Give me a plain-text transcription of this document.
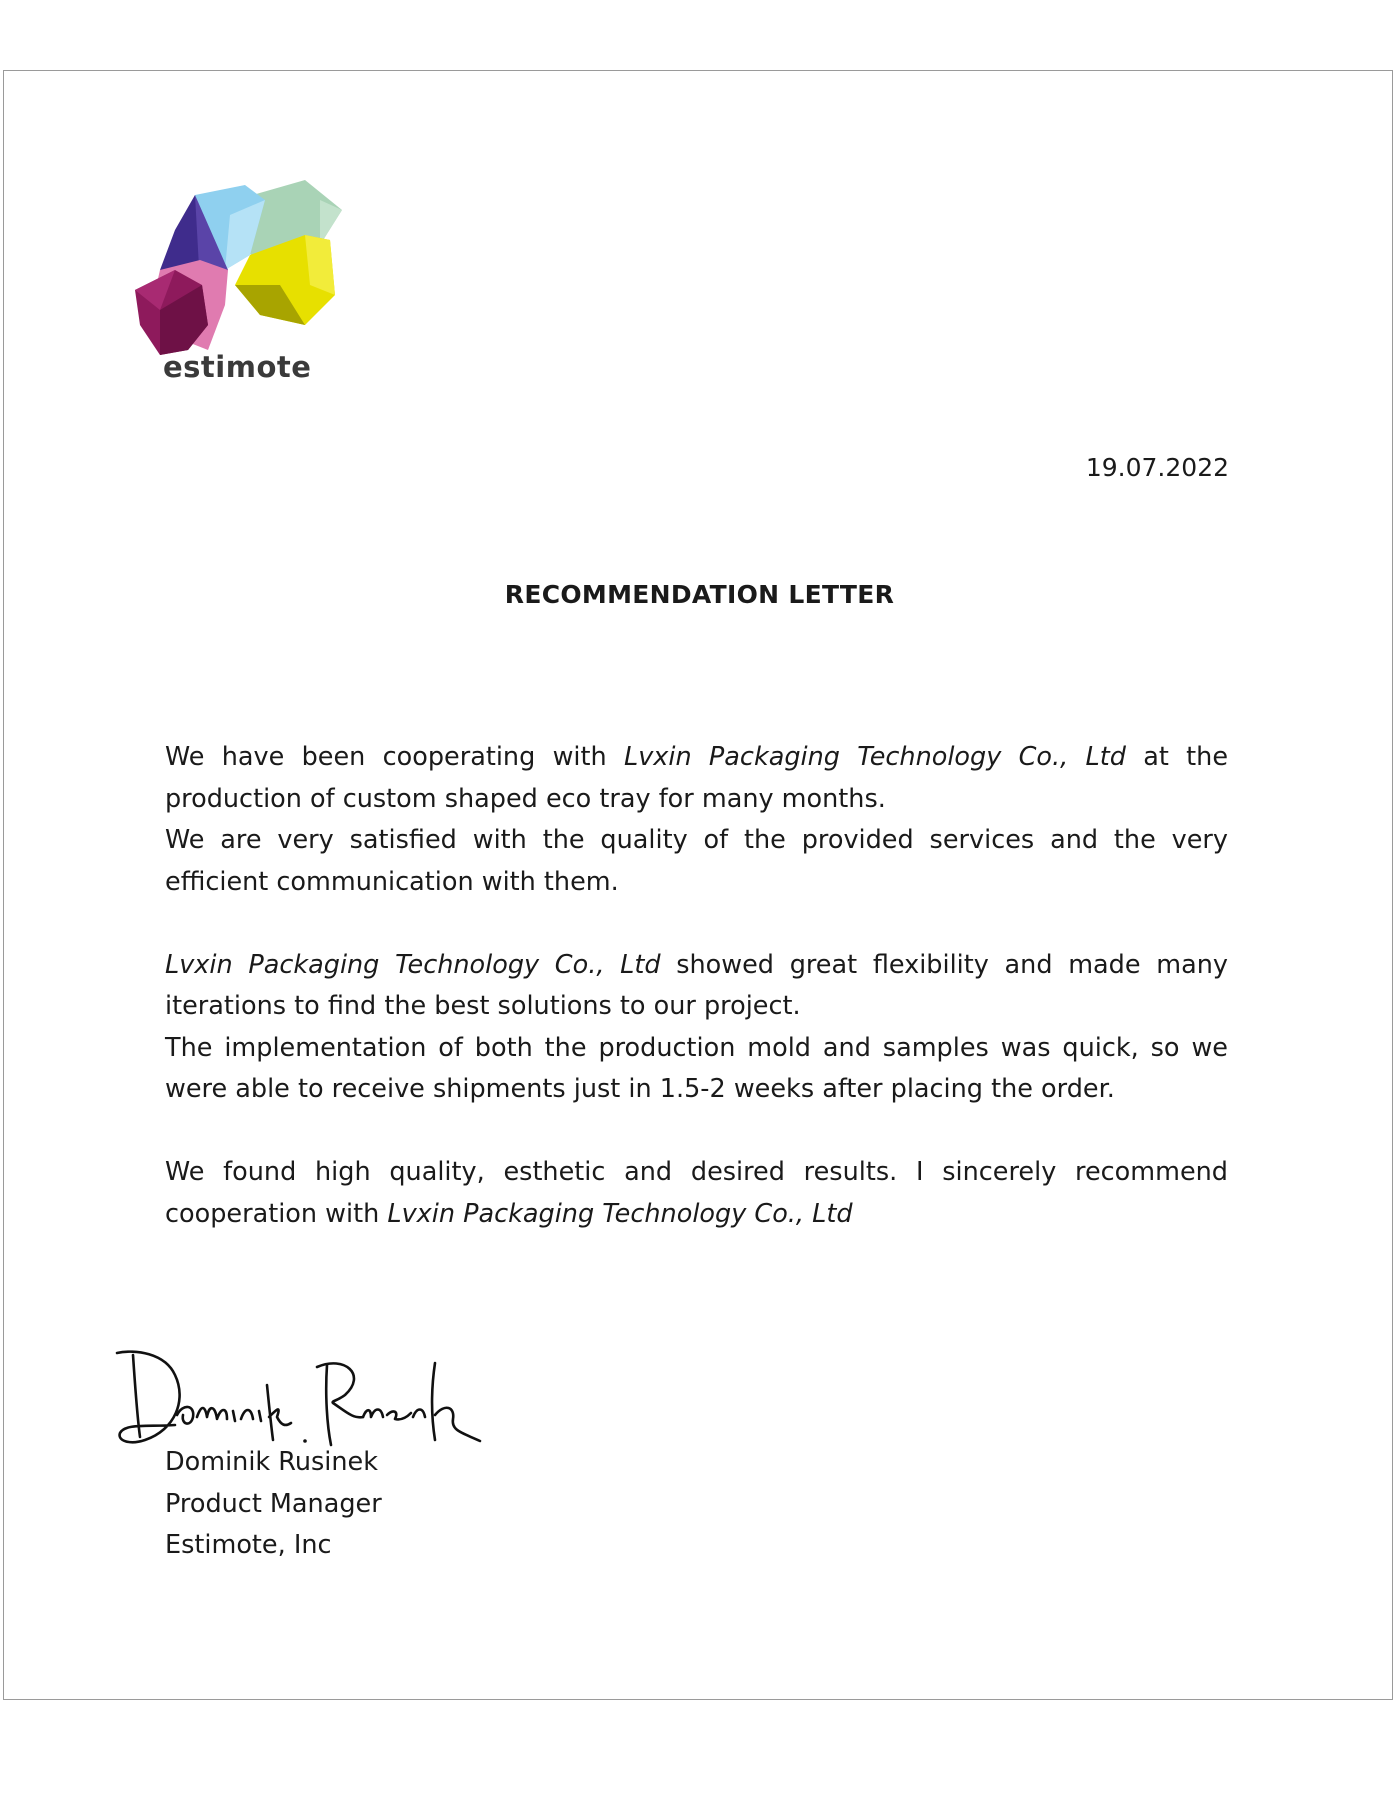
estimote
19.07.2022
RECOMMENDATION LETTER

We have been cooperating with Lvxin Packaging Technology Co., Ltd at the production of custom shaped eco tray for many months.

We are very satisfied with the quality of the provided services and the very efficient communication with them.

Lvxin Packaging Technology Co., Ltd showed great flexibility and made many iterations to find the best solutions to our project.

The implementation of both the production mold and samples was quick, so we were able to receive shipments just in 1.5-2 weeks after placing the order.

We found high quality, esthetic and desired results. I sincerely recommend cooperation with Lvxin Packaging Technology Co., Ltd

Dominik Rusinek
Product Manager
Estimote, Inc
